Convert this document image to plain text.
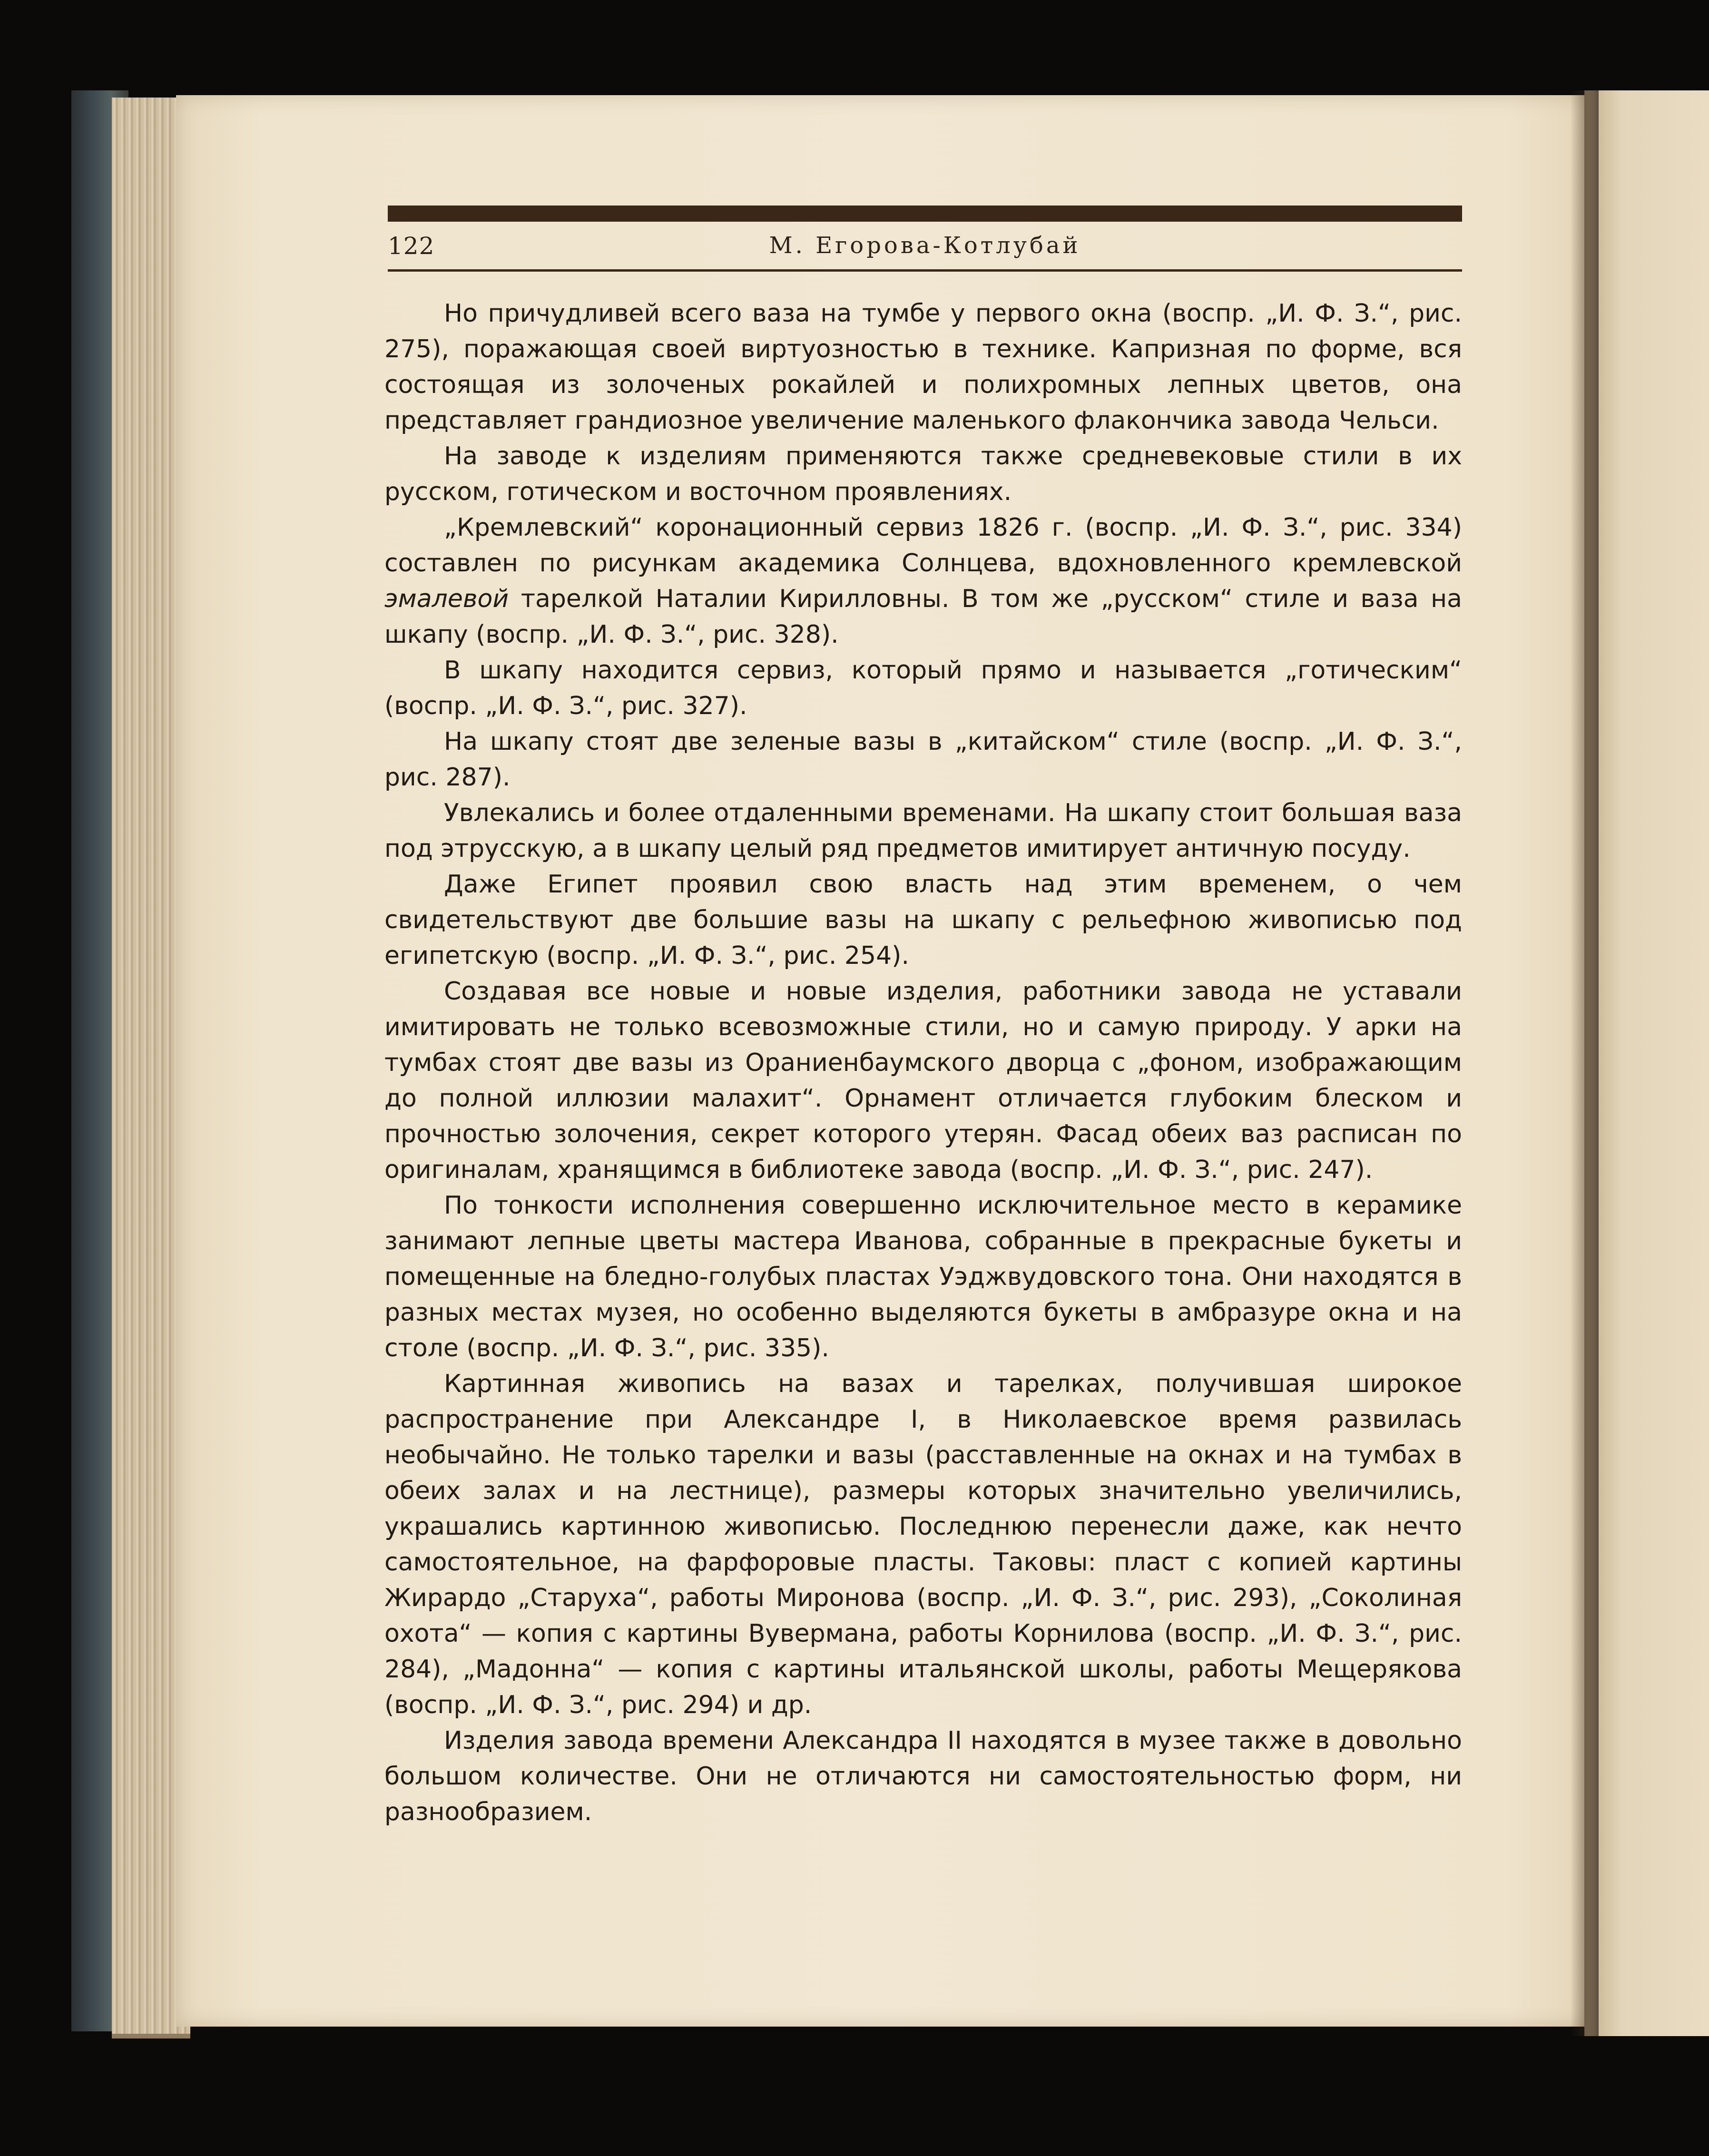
122	М. Егорова-Котлубай

Но причудливей всего ваза на тумбе у первого окна (воспр. „И. Ф. З.“, рис. 275), поражающая своей виртуозностью в технике. Капризная по форме, вся состоящая из золоченых рокайлей и полихромных лепных цветов, она представляет грандиозное увеличение маленького флакончика завода Чельси.

На заводе к изделиям применяются также средневековые стили в их русском, готическом и восточном проявлениях.

„Кремлевский“ коронационный сервиз 1826 г. (воспр. „И. Ф. З.“, рис. 334) составлен по рисункам академика Солнцева, вдохновленного кремлевской эмалевой тарелкой Наталии Кирилловны. В том же „русском“ стиле и ваза на шкапу (воспр. „И. Ф. З.“, рис. 328).

В шкапу находится сервиз, который прямо и называется „готическим“ (воспр. „И. Ф. З.“, рис. 327).

На шкапу стоят две зеленые вазы в „китайском“ стиле (воспр. „И. Ф. З.“, рис. 287).

Увлекались и более отдаленными временами. На шкапу стоит большая ваза под этрусскую, а в шкапу целый ряд предметов имитирует античную посуду.

Даже Египет проявил свою власть над этим временем, о чем свидетельствуют две большие вазы на шкапу с рельефною живописью под египетскую (воспр. „И. Ф. З.“, рис. 254).

Создавая все новые и новые изделия, работники завода не уставали имитировать не только всевозможные стили, но и самую природу. У арки на тумбах стоят две вазы из Ораниенбаумского дворца с „фоном, изображающим до полной иллюзии малахит“. Орнамент отличается глубоким блеском и прочностью золочения, секрет которого утерян. Фасад обеих ваз расписан по оригиналам, хранящимся в библиотеке завода (воспр. „И. Ф. З.“, рис. 247).

По тонкости исполнения совершенно исключительное место в керамике занимают лепные цветы мастера Иванова, собранные в прекрасные букеты и помещенные на бледно-голубых пластах Уэджвудовского тона. Они находятся в разных местах музея, но особенно выделяются букеты в амбразуре окна и на столе (воспр. „И. Ф. З.“, рис. 335).

Картинная живопись на вазах и тарелках, получившая широкое распространение при Александре I, в Николаевское время развилась необычайно. Не только тарелки и вазы (расставленные на окнах и на тумбах в обеих залах и на лестнице), размеры которых значительно увеличились, украшались картинною живописью. Последнюю перенесли даже, как нечто самостоятельное, на фарфоровые пласты. Таковы: пласт с копией картины Жирардо „Старуха“, работы Миронова (воспр. „И. Ф. З.“, рис. 293), „Соколиная охота“ — копия с картины Вувермана, работы Корнилова (воспр. „И. Ф. З.“, рис. 284), „Мадонна“ — копия с картины итальянской школы, работы Мещерякова (воспр. „И. Ф. З.“, рис. 294) и др.

Изделия завода времени Александра II находятся в музее также в довольно большом количестве. Они не отличаются ни самостоятельностью форм, ни разнообразием.
